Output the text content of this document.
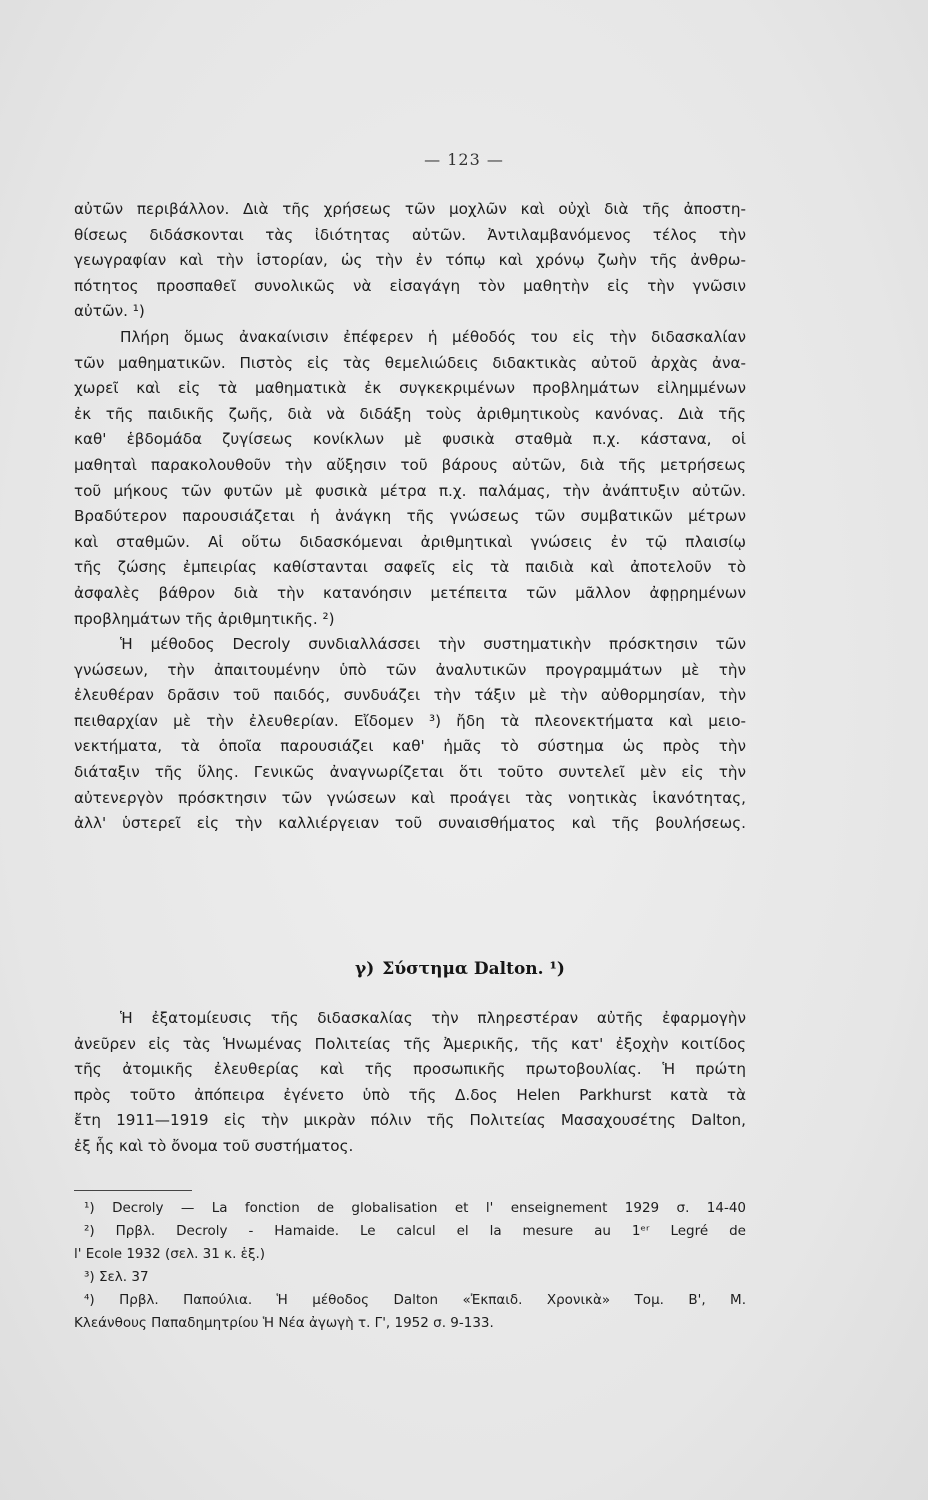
— 123 —
αὐτῶν περιβάλλον. Διὰ τῆς χρήσεως τῶν μοχλῶν καὶ οὐχὶ διὰ τῆς ἀποστη-
θίσεως διδάσκονται τὰς ἰδιότητας αὐτῶν. Ἀντιλαμβανόμενος τέλος τὴν
γεωγραφίαν καὶ τὴν ἱστορίαν, ὡς τὴν ἐν τόπῳ καὶ χρόνῳ ζωὴν τῆς ἀνθρω-
πότητος προσπαθεῖ συνολικῶς νὰ εἰσαγάγη τὸν μαθητὴν εἰς τὴν γνῶσιν
αὐτῶν. ¹)
Πλήρη ὅμως ἀνακαίνισιν ἐπέφερεν ἡ μέθοδός του εἰς τὴν διδασκαλίαν
τῶν μαθηματικῶν. Πιστὸς εἰς τὰς θεμελιώδεις διδακτικὰς αὐτοῦ ἀρχὰς ἀνα-
χωρεῖ καὶ εἰς τὰ μαθηματικὰ ἐκ συγκεκριμένων προβλημάτων εἰλημμένων
ἐκ τῆς παιδικῆς ζωῆς, διὰ νὰ διδάξη τοὺς ἀριθμητικοὺς κανόνας. Διὰ τῆς
καθ' ἑβδομάδα ζυγίσεως κονίκλων μὲ φυσικὰ σταθμὰ π.χ. κάστανα, οἱ
μαθηταὶ παρακολουθοῦν τὴν αὔξησιν τοῦ βάρους αὐτῶν, διὰ τῆς μετρήσεως
τοῦ μήκους τῶν φυτῶν μὲ φυσικὰ μέτρα π.χ. παλάμας, τὴν ἀνάπτυξιν αὐτῶν.
Βραδύτερον παρουσιάζεται ἡ ἀνάγκη τῆς γνώσεως τῶν συμβατικῶν μέτρων
καὶ σταθμῶν. Αἱ οὕτω διδασκόμεναι ἀριθμητικαὶ γνώσεις ἐν τῷ πλαισίῳ
τῆς ζώσης ἐμπειρίας καθίστανται σαφεῖς εἰς τὰ παιδιὰ καὶ ἀποτελοῦν τὸ
ἀσφαλὲς βάθρον διὰ τὴν κατανόησιν μετέπειτα τῶν μᾶλλον ἀφῃρημένων
προβλημάτων τῆς ἀριθμητικῆς. ²)
Ἡ μέθοδος Decroly συνδιαλλάσσει τὴν συστηματικὴν πρόσκτησιν τῶν
γνώσεων, τὴν ἀπαιτουμένην ὑπὸ τῶν ἀναλυτικῶν προγραμμάτων μὲ τὴν
ἐλευθέραν δρᾶσιν τοῦ παιδός, συνδυάζει τὴν τάξιν μὲ τὴν αὐθορμησίαν, τὴν
πειθαρχίαν μὲ τὴν ἐλευθερίαν. Εἴδομεν ³) ἤδη τὰ πλεονεκτήματα καὶ μειο-
νεκτήματα, τὰ ὁποῖα παρουσιάζει καθ' ἡμᾶς τὸ σύστημα ὡς πρὸς τὴν
διάταξιν τῆς ὕλης. Γενικῶς ἀναγνωρίζεται ὅτι τοῦτο συντελεῖ μὲν εἰς τὴν
αὐτενεργὸν πρόσκτησιν τῶν γνώσεων καὶ προάγει τὰς νοητικὰς ἱκανότητας,
ἀλλ' ὑστερεῖ εἰς τὴν καλλιέργειαν τοῦ συναισθήματος καὶ τῆς βουλήσεως.
γ) Σύστημα Dalton. ¹)
Ἡ ἐξατομίευσις τῆς διδασκαλίας τὴν πληρεστέραν αὐτῆς ἐφαρμογὴν
ἀνεῦρεν εἰς τὰς Ἡνωμένας Πολιτείας τῆς Ἀμερικῆς, τῆς κατ' ἐξοχὴν κοιτίδος
τῆς ἀτομικῆς ἐλευθερίας καὶ τῆς προσωπικῆς πρωτοβουλίας. Ἡ πρώτη
πρὸς τοῦτο ἀπόπειρα ἐγένετο ὑπὸ τῆς Δ.δος Helen Parkhurst κατὰ τὰ
ἔτη 1911—1919 εἰς τὴν μικρὰν πόλιν τῆς Πολιτείας Μασαχουσέτης Dalton,
ἐξ ἧς καὶ τὸ ὄνομα τοῦ συστήματος.
¹) Decroly — La fonction de globalisation et l' enseignement 1929 σ. 14-40
²) Πρβλ. Decroly - Hamaide. Le calcul el la mesure au 1ᵉʳ Legré de
l' Ecole 1932 (σελ. 31 κ. ἑξ.)
³) Σελ. 37
⁴) Πρβλ. Παπούλια. Ἡ μέθοδος Dalton «Ἐκπαιδ. Χρονικὰ» Τομ. Β', Μ.
Κλεάνθους Παπαδημητρίου Ἡ Νέα ἀγωγὴ τ. Γ', 1952 σ. 9-133.
